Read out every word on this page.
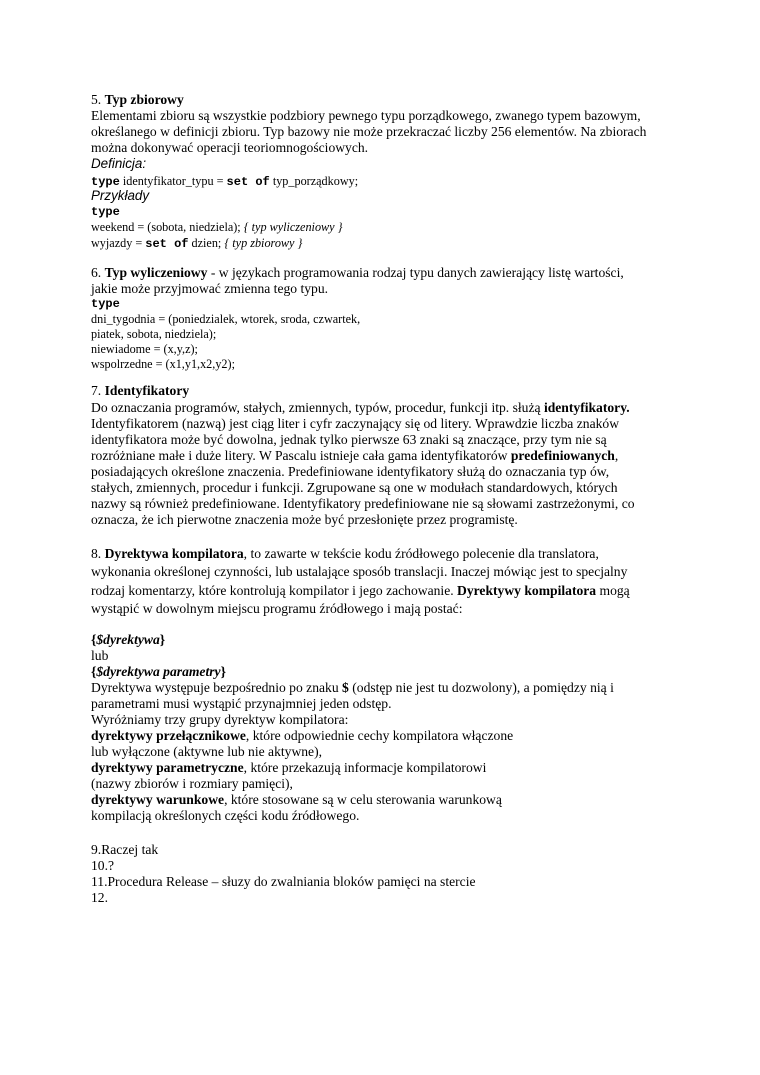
5. Typ zbiorowy
Elementami zbioru są wszystkie podzbiory pewnego typu porządkowego, zwanego typem bazowym,
określanego w definicji zbioru. Typ bazowy nie może przekraczać liczby 256 elementów. Na zbiorach
można dokonywać operacji teoriomnogościowych.
Definicja:
type identyfikator_typu = set of typ_porządkowy;
Przykłady
type
weekend = (sobota, niedziela); { typ wyliczeniowy }
wyjazdy = set of dzien; { typ zbiorowy }
6. Typ wyliczeniowy - w językach programowania rodzaj typu danych zawierający listę wartości,
jakie może przyjmować zmienna tego typu.
type
dni_tygodnia = (poniedzialek, wtorek, sroda, czwartek,
piatek, sobota, niedziela);
niewiadome = (x,y,z);
wspolrzedne = (x1,y1,x2,y2);
7. Identyfikatory
Do oznaczania programów, stałych, zmiennych, typów, procedur, funkcji itp. służą identyfikatory.
Identyfikatorem (nazwą) jest ciąg liter i cyfr zaczynający się od litery. Wprawdzie liczba znaków
identyfikatora może być dowolna, jednak tylko pierwsze 63 znaki są znaczące, przy tym nie są
rozróżniane małe i duże litery. W Pascalu istnieje cała gama identyfikatorów predefiniowanych,
posiadających określone znaczenia. Predefiniowane identyfikatory służą do oznaczania typ ów,
stałych, zmiennych, procedur i funkcji. Zgrupowane są one w modułach standardowych, których
nazwy są również predefiniowane. Identyfikatory predefiniowane nie są słowami zastrzeżonymi, co
oznacza, że ich pierwotne znaczenia może być przesłonięte przez programistę.
8. Dyrektywa kompilatora, to zawarte w tekście kodu źródłowego polecenie dla translatora,
wykonania określonej czynności, lub ustalające sposób translacji. Inaczej mówiąc jest to specjalny
rodzaj komentarzy, które kontrolują kompilator i jego zachowanie. Dyrektywy kompilatora mogą
wystąpić w dowolnym miejscu programu źródłowego i mają postać:
{$dyrektywa}
lub
{$dyrektywa parametry}
Dyrektywa występuje bezpośrednio po znaku $ (odstęp nie jest tu dozwolony), a pomiędzy nią i
parametrami musi wystąpić przynajmniej jeden odstęp.
Wyróżniamy trzy grupy dyrektyw kompilatora:
dyrektywy przełącznikowe, które odpowiednie cechy kompilatora włączone
lub wyłączone (aktywne lub nie aktywne),
dyrektywy parametryczne, które przekazują informacje kompilatorowi
(nazwy zbiorów i rozmiary pamięci),
dyrektywy warunkowe, które stosowane są w celu sterowania warunkową
kompilacją określonych części kodu źródłowego.
9.Raczej tak
10.?
11.Procedura Release – słuzy do zwalniania bloków pamięci na stercie
12.
